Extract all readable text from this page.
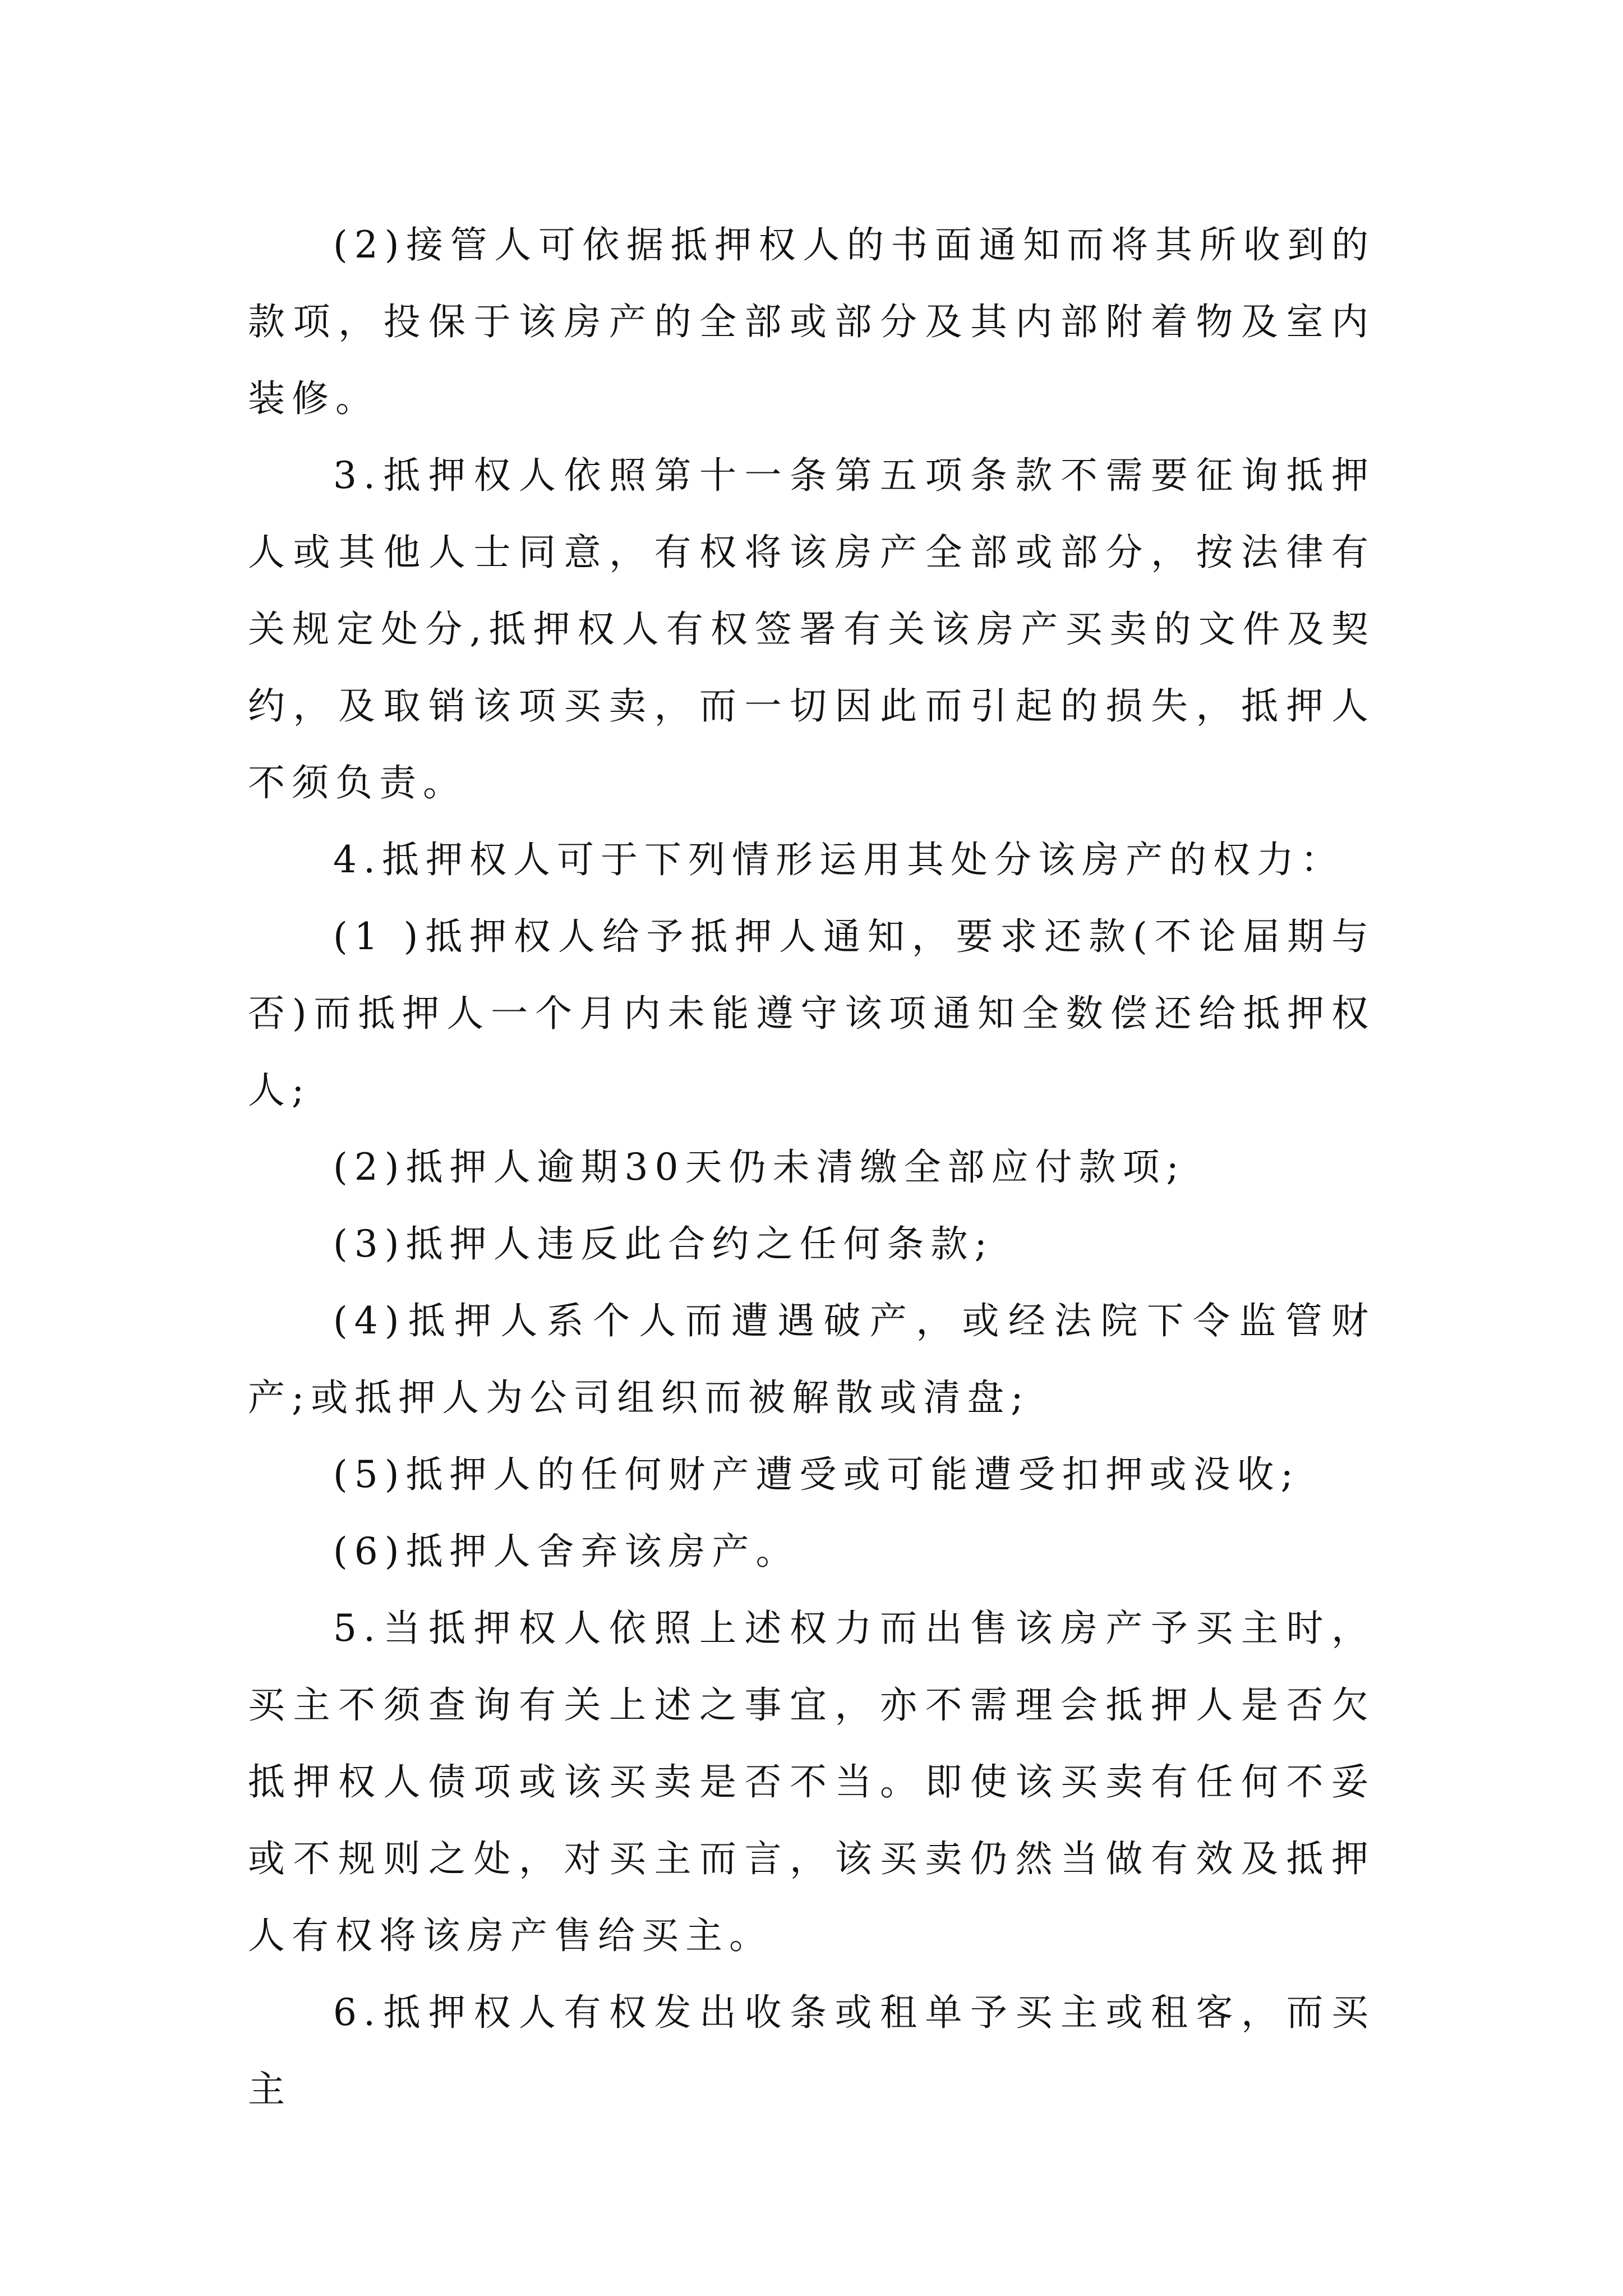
(2)接管人可依据抵押权人的书面通知而将其所收到的款项，投保于该房产的全部或部分及其内部附着物及室内装修。

3.抵押权人依照第十一条第五项条款不需要征询抵押人或其他人士同意，有权将该房产全部或部分，按法律有关规定处分,抵押权人有权签署有关该房产买卖的文件及契约，及取销该项买卖，而一切因此而引起的损失，抵押人不须负责。

4.抵押权人可于下列情形运用其处分该房产的权力：

(1 )抵押权人给予抵押人通知，要求还款(不论届期与否)而抵押人一个月内未能遵守该项通知全数偿还给抵押权人;

(2)抵押人逾期30天仍未清缴全部应付款项;

(3)抵押人违反此合约之任何条款;

(4)抵押人系个人而遭遇破产，或经法院下令监管财产;或抵押人为公司组织而被解散或清盘;

(5)抵押人的任何财产遭受或可能遭受扣押或没收;

(6)抵押人舍弃该房产。

5.当抵押权人依照上述权力而出售该房产予买主时，买主不须查询有关上述之事宜，亦不需理会抵押人是否欠抵押权人债项或该买卖是否不当。即使该买卖有任何不妥或不规则之处，对买主而言，该买卖仍然当做有效及抵押人有权将该房产售给买主。

6.抵押权人有权发出收条或租单予买主或租客，而买主
